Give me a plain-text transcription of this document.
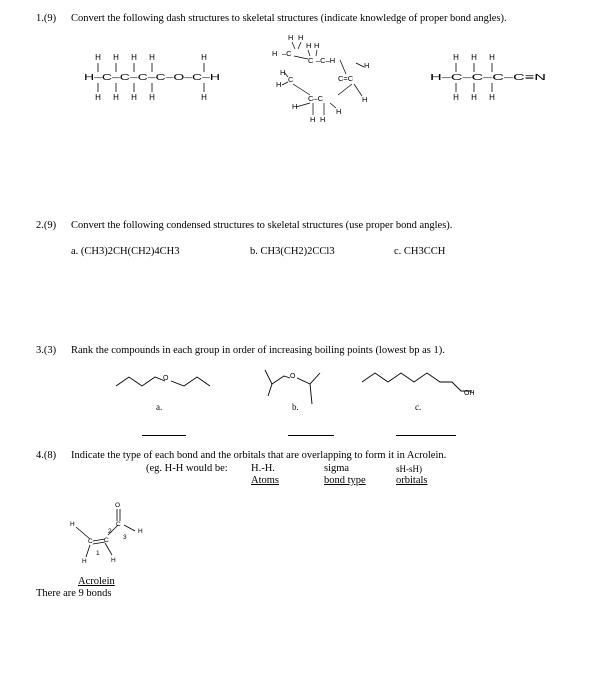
1.(9) Convert the following dash structures to skeletal structures (indicate knowledge of proper bond angles).
H H H H	H
H–C–C–C–C–O–C–H
H H H H	H
H H
H H
H –C
C –C–H
H
H
C
H
C=C
C–C	H
H
H
H H
H H H
H–C–C–C–C≡N
H H H
2.(9) Convert the following condensed structures to skeletal structures (use proper bond angles).
a. (CH3)2CH(CH2)4CH3	b. CH3(CH2)2CCl3	c. CH3CCH
3.(3) Rank the compounds in each group in order of increasing boiling points (lowest bp as 1).
O	O
OH
a.	b.	c.
4.(8) Indicate the type of each bond and the orbitals that are overlapping to form it in Acrolein.
(eg. H-H would be: H.-H.	sigma	sH-sH)
Atoms	bond type	orbitals
O
C
H
C
C
H
H	H
1
2
3
Acrolein
There are 9 bonds
